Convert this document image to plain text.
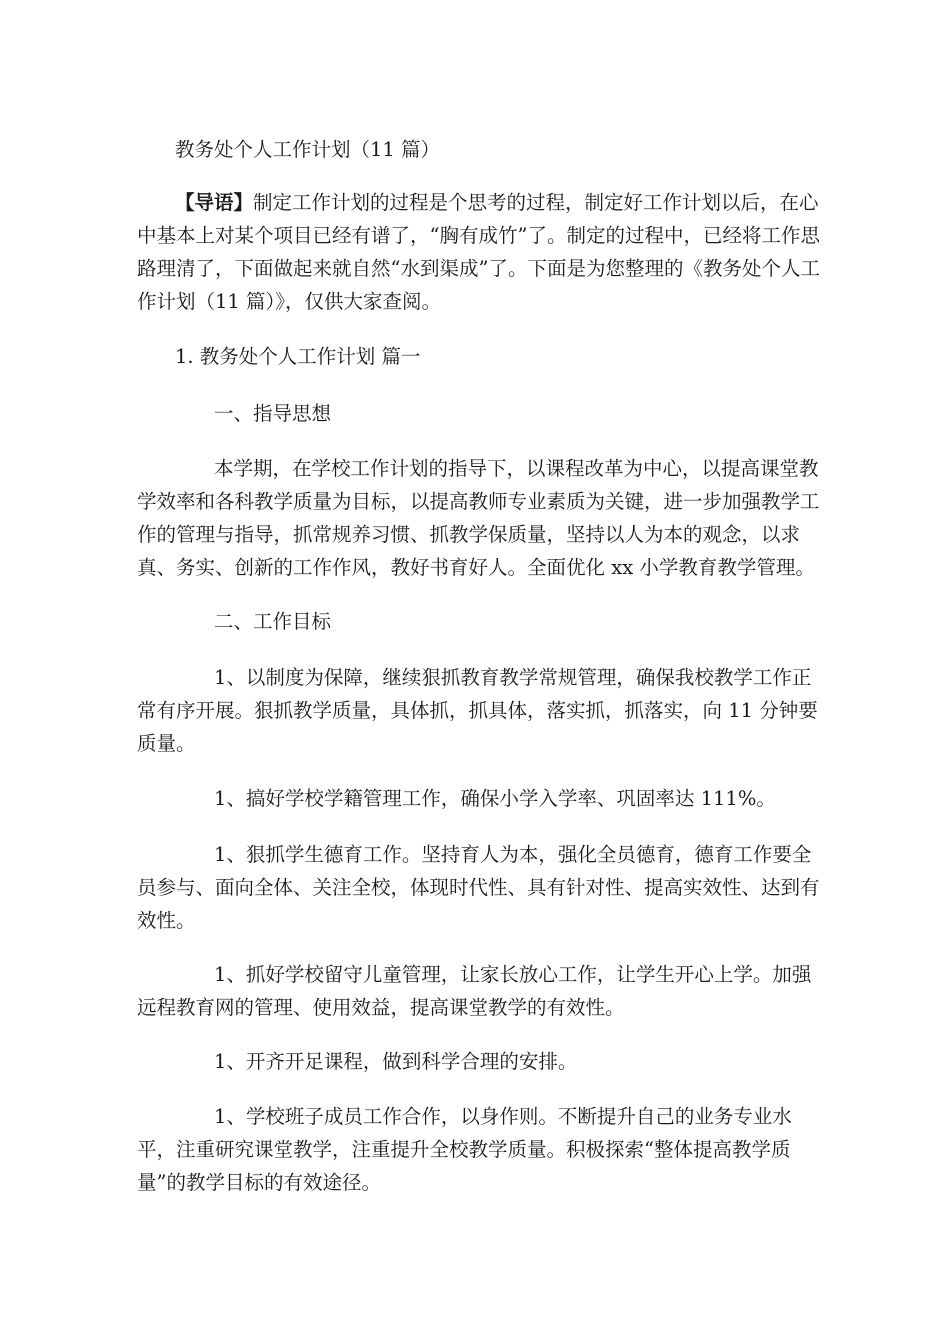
教务处个人工作计划（11 篇）
【导语】制定工作计划的过程是个思考的过程，制定好工作计划以后，在心中基本上对某个项目已经有谱了，“胸有成竹”了。制定的过程中，已经将工作思路理清了，下面做起来就自然“水到渠成”了。下面是为您整理的《教务处个人工作计划（11 篇）》，仅供大家查阅。
1. 教务处个人工作计划 篇一
一、指导思想
本学期，在学校工作计划的指导下，以课程改革为中心，以提高课堂教学效率和各科教学质量为目标，以提高教师专业素质为关键，进一步加强教学工作的管理与指导，抓常规养习惯、抓教学保质量，坚持以人为本的观念，以求真、务实、创新的工作作风，教好书育好人。全面优化 xx 小学教育教学管理。
二、工作目标
1、以制度为保障，继续狠抓教育教学常规管理，确保我校教学工作正常有序开展。狠抓教学质量，具体抓，抓具体，落实抓，抓落实，向 11 分钟要质量。
1、搞好学校学籍管理工作，确保小学入学率、巩固率达 111%。
1、狠抓学生德育工作。坚持育人为本，强化全员德育，德育工作要全员参与、面向全体、关注全校，体现时代性、具有针对性、提高实效性、达到有效性。
1、抓好学校留守儿童管理，让家长放心工作，让学生开心上学。加强远程教育网的管理、使用效益，提高课堂教学的有效性。
1、开齐开足课程，做到科学合理的安排。
1、学校班子成员工作合作，以身作则。不断提升自己的业务专业水平，注重研究课堂教学，注重提升全校教学质量。积极探索“整体提高教学质量”的教学目标的有效途径。
